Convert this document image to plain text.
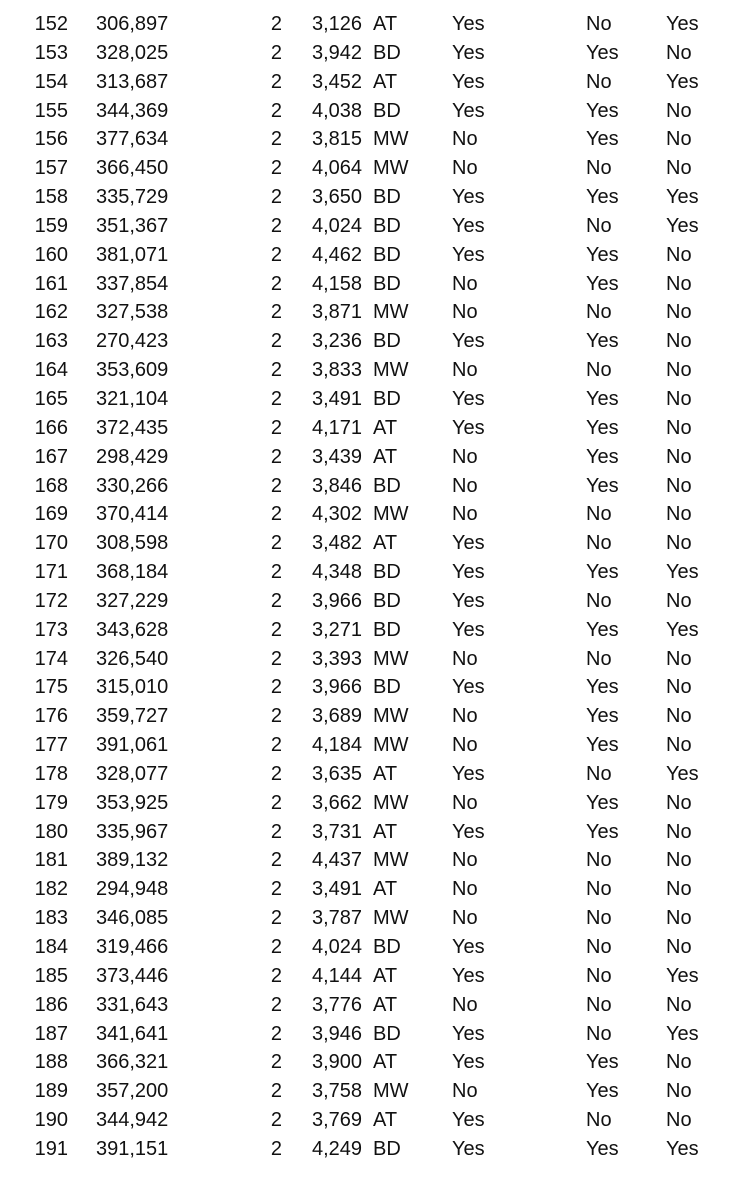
152 306,897	2 3,126 AT	Yes	No	Yes
153 328,025	2 3,942 BD	Yes	Yes	No
154 313,687	2 3,452 AT	Yes	No	Yes
155 344,369	2 4,038 BD	Yes	Yes	No
156 377,634	2 3,815 MW	No	Yes	No
157 366,450	2 4,064 MW	No	No	No
158 335,729	2 3,650 BD	Yes	Yes	Yes
159 351,367	2 4,024 BD	Yes	No	Yes
160 381,071	2 4,462 BD	Yes	Yes	No
161 337,854	2 4,158 BD	No	Yes	No
162 327,538	2 3,871 MW	No	No	No
163 270,423	2 3,236 BD	Yes	Yes	No
164 353,609	2 3,833 MW	No	No	No
165 321,104	2 3,491 BD	Yes	Yes	No
166 372,435	2 4,171 AT	Yes	Yes	No
167 298,429	2 3,439 AT	No	Yes	No
168 330,266	2 3,846 BD	No	Yes	No
169 370,414	2 4,302 MW	No	No	No
170 308,598	2 3,482 AT	Yes	No	No
171 368,184	2 4,348 BD	Yes	Yes	Yes
172 327,229	2 3,966 BD	Yes	No	No
173 343,628	2 3,271 BD	Yes	Yes	Yes
174 326,540	2 3,393 MW	No	No	No
175 315,010	2 3,966 BD	Yes	Yes	No
176 359,727	2 3,689 MW	No	Yes	No
177 391,061	2 4,184 MW	No	Yes	No
178 328,077	2 3,635 AT	Yes	No	Yes
179 353,925	2 3,662 MW	No	Yes	No
180 335,967	2 3,731 AT	Yes	Yes	No
181 389,132	2 4,437 MW	No	No	No
182 294,948	2 3,491 AT	No	No	No
183 346,085	2 3,787 MW	No	No	No
184 319,466	2 4,024 BD	Yes	No	No
185 373,446	2 4,144 AT	Yes	No	Yes
186 331,643	2 3,776 AT	No	No	No
187 341,641	2 3,946 BD	Yes	No	Yes
188 366,321	2 3,900 AT	Yes	Yes	No
189 357,200	2 3,758 MW	No	Yes	No
190 344,942	2 3,769 AT	Yes	No	No
191 391,151	2 4,249 BD	Yes	Yes	Yes
